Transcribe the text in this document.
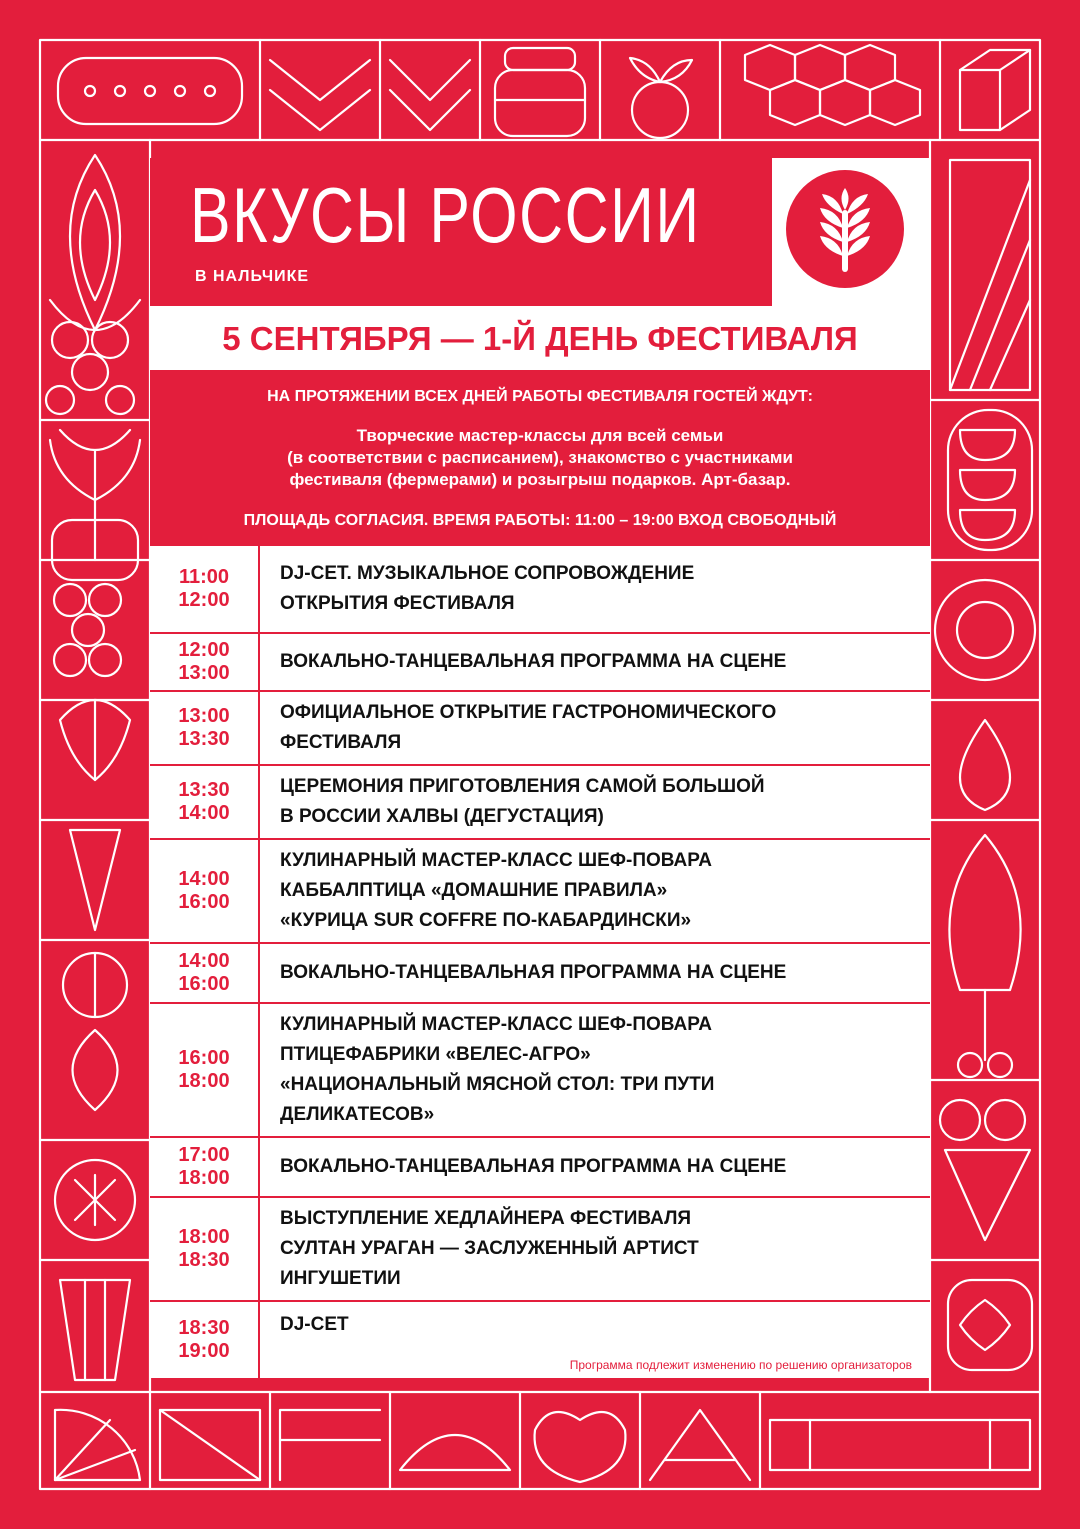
ВКУСЫ РОССИИ
В НАЛЬЧИКЕ
5 СЕНТЯБРЯ — 1-Й ДЕНЬ ФЕСТИВАЛЯ
НА ПРОТЯЖЕНИИ ВСЕХ ДНЕЙ РАБОТЫ ФЕСТИВАЛЯ ГОСТЕЙ ЖДУТ:
Творческие мастер-классы для всей семьи
(в соответствии с расписанием), знакомство с участниками
фестиваля (фермерами) и розыгрыш подарков. Арт-базар.
ПЛОЩАДЬ СОГЛАСИЯ. ВРЕМЯ РАБОТЫ: 11:00 – 19:00 ВХОД СВОБОДНЫЙ
11:00
12:00
DJ-СЕТ. МУЗЫКАЛЬНОЕ СОПРОВОЖДЕНИЕ
ОТКРЫТИЯ ФЕСТИВАЛЯ
12:00
13:00
ВОКАЛЬНО-ТАНЦЕВАЛЬНАЯ ПРОГРАММА НА СЦЕНЕ
13:00
13:30
ОФИЦИАЛЬНОЕ ОТКРЫТИЕ ГАСТРОНОМИЧЕСКОГО
ФЕСТИВАЛЯ
13:30
14:00
ЦЕРЕМОНИЯ ПРИГОТОВЛЕНИЯ САМОЙ БОЛЬШОЙ
В РОССИИ ХАЛВЫ (ДЕГУСТАЦИЯ)
14:00
16:00
КУЛИНАРНЫЙ МАСТЕР-КЛАСС ШЕФ-ПОВАРА
КАББАЛПТИЦА «ДОМАШНИЕ ПРАВИЛА»
«КУРИЦА SUR COFFRE ПО-КАБАРДИНСКИ»
14:00
16:00
ВОКАЛЬНО-ТАНЦЕВАЛЬНАЯ ПРОГРАММА НА СЦЕНЕ
16:00
18:00
КУЛИНАРНЫЙ МАСТЕР-КЛАСС ШЕФ-ПОВАРА
ПТИЦЕФАБРИКИ «ВЕЛЕС-АГРО»
«НАЦИОНАЛЬНЫЙ МЯСНОЙ СТОЛ: ТРИ ПУТИ
ДЕЛИКАТЕСОВ»
17:00
18:00
ВОКАЛЬНО-ТАНЦЕВАЛЬНАЯ ПРОГРАММА НА СЦЕНЕ
18:00
18:30
ВЫСТУПЛЕНИЕ ХЕДЛАЙНЕРА ФЕСТИВАЛЯ
СУЛТАН УРАГАН — ЗАСЛУЖЕННЫЙ АРТИСТ
ИНГУШЕТИИ
18:30
19:00
DJ-СЕТ
Программа подлежит изменению по решению организаторов
